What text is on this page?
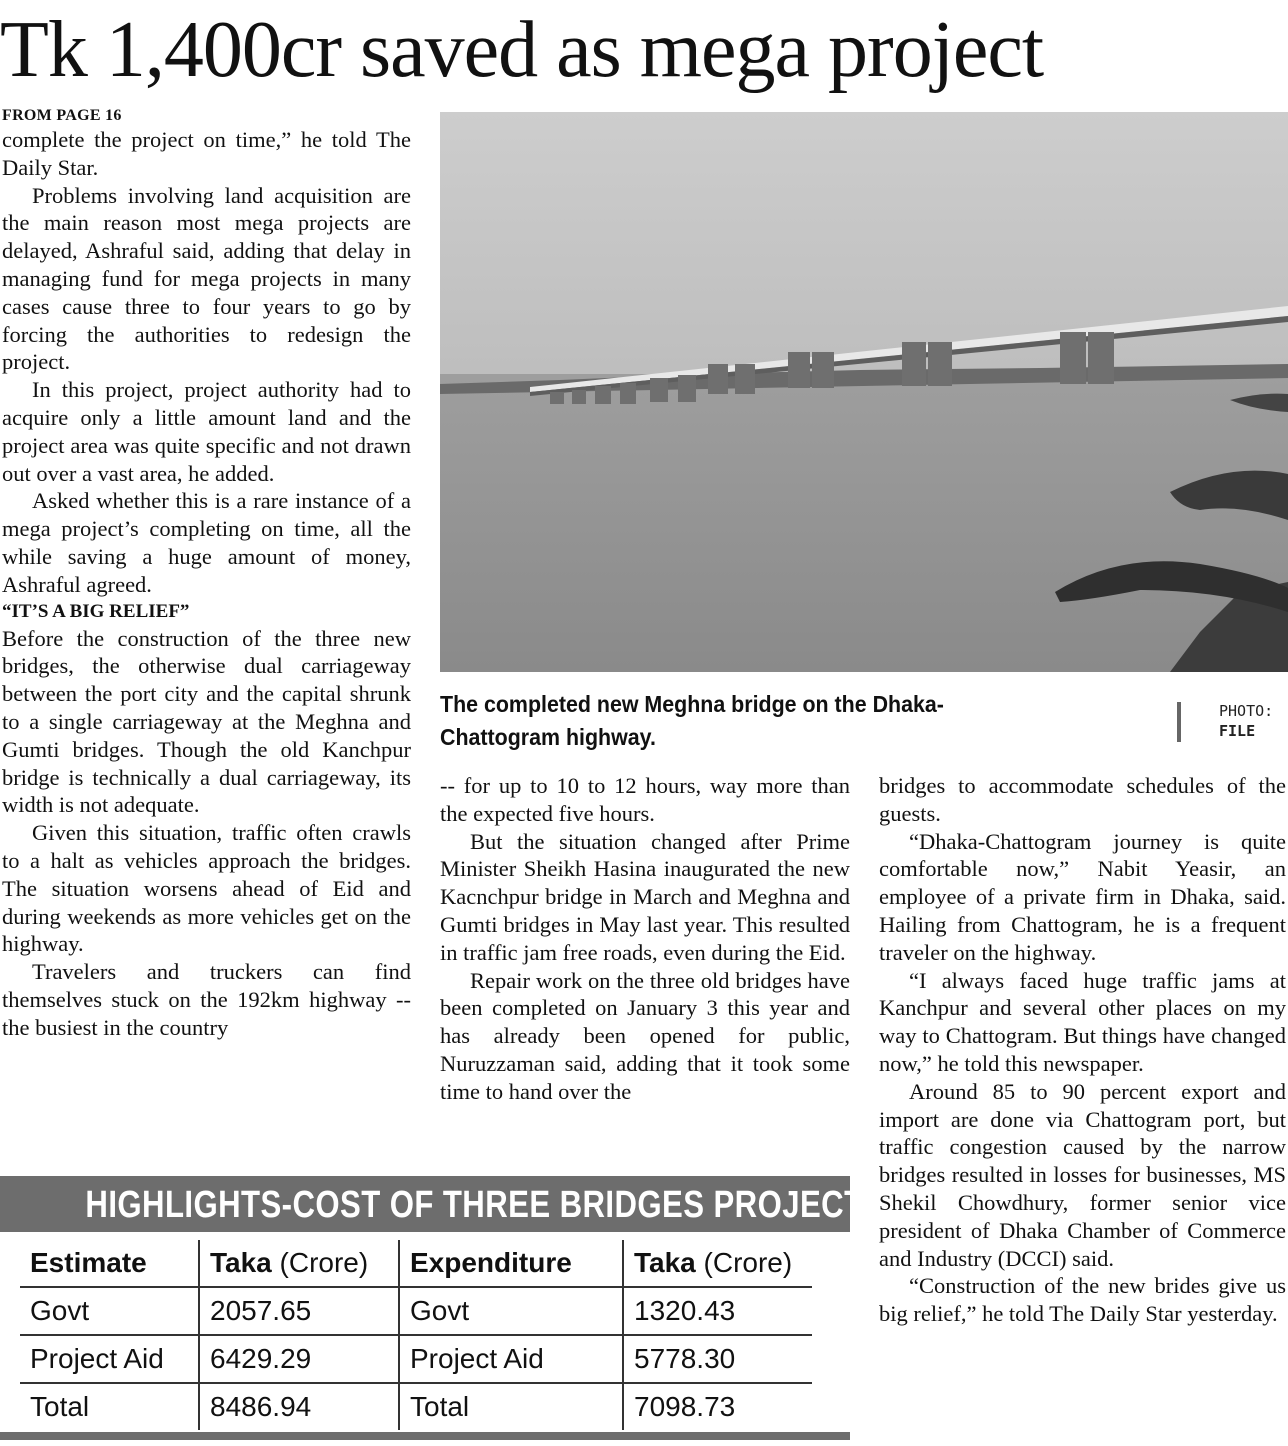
Tk 1,400cr saved as mega project

FROM PAGE 16

complete the project on time,” he told The Daily Star.

Problems involving land acquisition are the main reason most mega projects are delayed, Ashraful said, adding that delay in managing fund for mega projects in many cases cause three to four years to go by forcing the authorities to redesign the project.

In this project, project authority had to acquire only a little amount land and the project area was quite specific and not drawn out over a vast area, he added.

Asked whether this is a rare instance of a mega project’s completing on time, all the while saving a huge amount of money, Ashraful agreed.

“IT’S A BIG RELIEF”

Before the construction of the three new bridges, the otherwise dual carriageway between the port city and the capital shrunk to a single carriageway at the Meghna and Gumti bridges. Though the old Kanchpur bridge is technically a dual carriageway, its width is not adequate.

Given this situation, traffic often crawls to a halt as vehicles approach the bridges. The situation worsens ahead of Eid and during weekends as more vehicles get on the highway.

Travelers and truckers can find themselves stuck on the 192km highway -- the busiest in the country

The completed new Meghna bridge on the Dhaka-Chattogram highway.
PHOTO:
FILE

-- for up to 10 to 12 hours, way more than the expected five hours.

But the situation changed after Prime Minister Sheikh Hasina inaugurated the new Kacnchpur bridge in March and Meghna and Gumti bridges in May last year. This resulted in traffic jam free roads, even during the Eid.

Repair work on the three old bridges have been completed on January 3 this year and has already been opened for public, Nuruzzaman said, adding that it took some time to hand over the

bridges to accommodate schedules of the guests.

“Dhaka-Chattogram journey is quite comfortable now,” Nabit Yeasir, an employee of a private firm in Dhaka, said. Hailing from Chattogram, he is a frequent traveler on the highway.

“I always faced huge traffic jams at Kanchpur and several other places on my way to Chattogram. But things have changed now,” he told this newspaper.

Around 85 to 90 percent export and import are done via Chattogram port, but traffic congestion caused by the narrow bridges resulted in losses for businesses, MS Shekil Chowdhury, former senior vice president of Dhaka Chamber of Commerce and Industry (DCCI) said.

“Construction of the new brides give us big relief,” he told The Daily Star yesterday.

HIGHLIGHTS-COST OF THREE BRIDGES PROJECT
Estimate	Taka (Crore)	Expenditure	Taka (Crore)
Govt	2057.65	Govt	1320.43
Project Aid	6429.29	Project Aid	5778.30
Total	8486.94	Total	7098.73
